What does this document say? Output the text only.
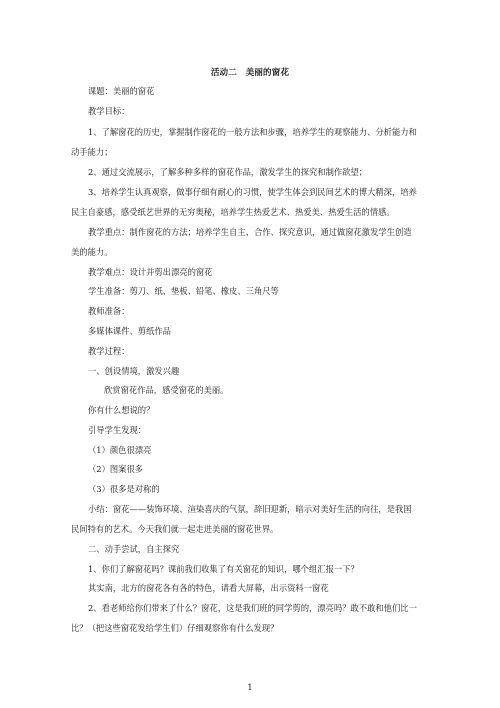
活动二　美丽的窗花
课题：美丽的窗花
教学目标：
1、了解窗花的历史，掌握制作窗花的一般方法和步骤，培养学生的观察能力、分析能力和
动手能力；
2、通过交流展示，了解多种多样的窗花作品，激发学生的探究和制作欲望；
3、培养学生认真观察，做事仔细有耐心的习惯，使学生体会到民间艺术的博大精深，培养
民主自豪感，感受纸艺世界的无穷奥秘，培养学生热爱艺术、热爱美、热爱生活的情感。
教学重点：制作窗花的方法；培养学生自主、合作、探究意识，通过做窗花激发学生创造
美的能力。
教学难点：设计并剪出漂亮的窗花
学生准备：剪刀、纸、垫板、铅笔、橡皮、三角尺等
教师准备：
多媒体课件、剪纸作品
教学过程：
一、创设情境，激发兴趣
欣赏窗花作品，感受窗花的美丽。
你有什么想说的？
引导学生发现：
（1）颜色很漂亮
（2）图案很多
（3）很多是对称的
小结：窗花——装饰环境、渲染喜庆的气氛，辞旧迎新，暗示对美好生活的向往，是我国
民间特有的艺术。今天我们就一起走进美丽的窗花世界。
二、动手尝试，自主探究
1、你们了解窗花吗？课前我们收集了有关窗花的知识，哪个组汇报一下？
其实南，北方的窗花各有各的特色，请看大屏幕，出示资料一窗花
2、看老师给你们带来了什么？窗花，这是我们班的同学剪的，漂亮吗？敢不敢和他们比一
比？（把这些窗花发给学生们）仔细观察你有什么发现？
1
